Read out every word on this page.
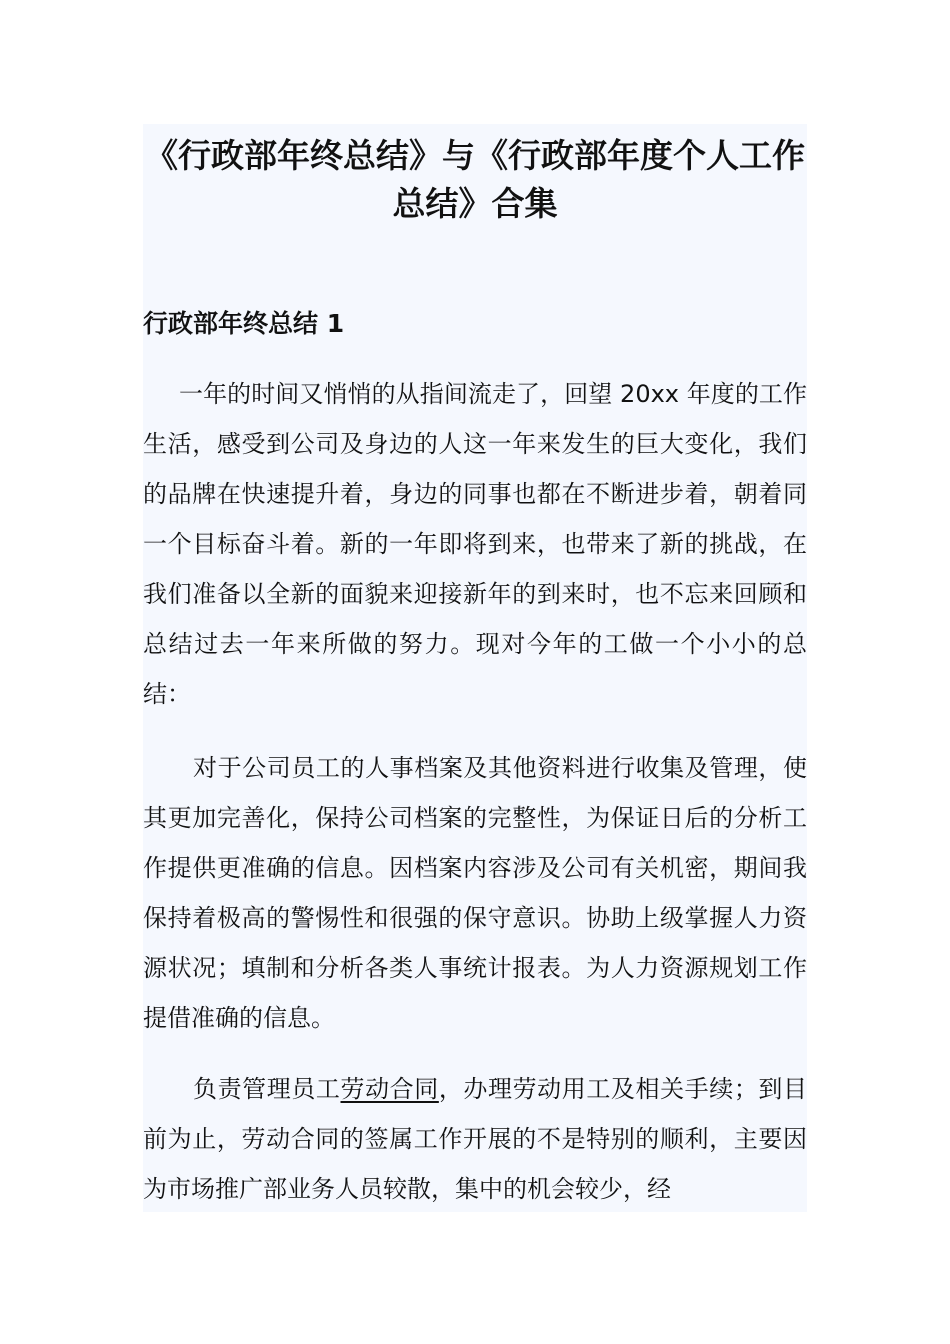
《行政部年终总结》与《行政部年度个人工作总结》合集
行政部年终总结 1

一年的时间又悄悄的从指间流走了，回望 20xx 年度的工作生活，感受到公司及身边的人这一年来发生的巨大变化，我们的品牌在快速提升着，身边的同事也都在不断进步着，朝着同一个目标奋斗着。新的一年即将到来，也带来了新的挑战，在我们准备以全新的面貌来迎接新年的到来时，也不忘来回顾和总结过去一年来所做的努力。现对今年的工做一个小小的总结：

对于公司员工的人事档案及其他资料进行收集及管理，使其更加完善化，保持公司档案的完整性，为保证日后的分析工作提供更准确的信息。因档案内容涉及公司有关机密，期间我保持着极高的警惕性和很强的保守意识。协助上级掌握人力资源状况；填制和分析各类人事统计报表。为人力资源规划工作提借准确的信息。

负责管理员工劳动合同，办理劳动用工及相关手续；到目前为止，劳动合同的签属工作开展的不是特别的顺利，主要因为市场推广部业务人员较散，集中的机会较少，经
